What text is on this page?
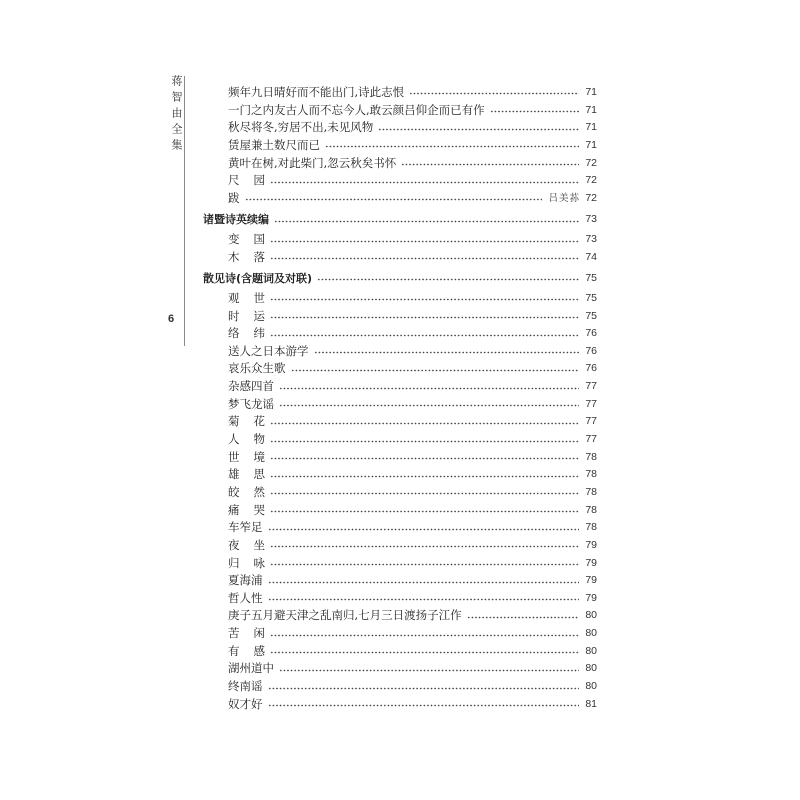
蒋智由全集
6
频年九日晴好而不能出门,诗此志恨	71
一门之内友古人而不忘今人,敢云颜吕仰企而已有作	71
秋尽将冬,穷居不出,未见风物	71
赁屋兼土数尺而已	71
黄叶在树,对此柴门,忽云秋矣书怀	72
尺 园	72
跋	吕美荪 72
诸暨诗英续编	73
变 国	73
木 落	74
散见诗(含题词及对联)	75
观 世	75
时 运	75
络 纬	76
送人之日本游学	76
哀乐众生歌	76
杂感四首	77
梦飞龙谣	77
菊 花	77
人 物	77
世 境	78
雄 思	78
皎 然	78
痛 哭	78
车笮足	78
夜 坐	79
归 咏	79
夏海浦	79
哲人性	79
庚子五月避天津之乱南归,七月三日渡扬子江作	80
苦 闲	80
有 感	80
湖州道中	80
终南谣	80
奴才好	81
